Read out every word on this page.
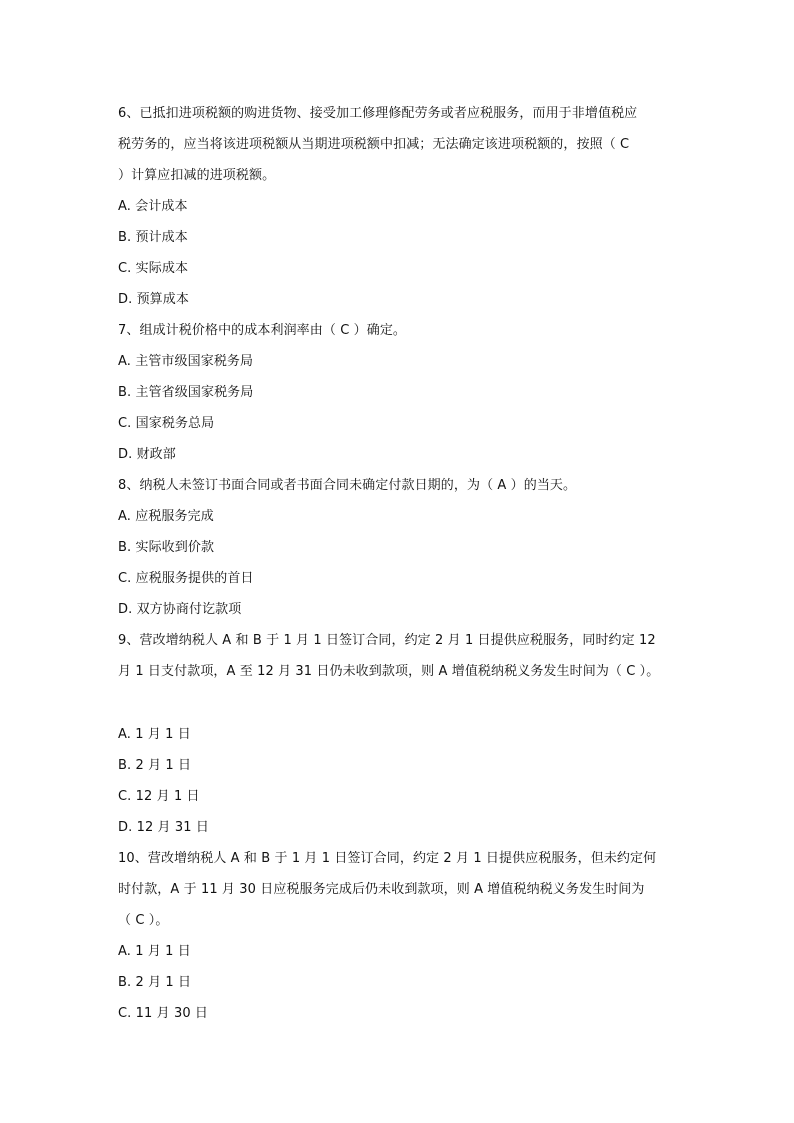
6、已抵扣进项税额的购进货物、接受加工修理修配劳务或者应税服务，而用于非增值税应
税劳务的，应当将该进项税额从当期进项税额中扣减；无法确定该进项税额的，按照（ C
）计算应扣减的进项税额。
A. 会计成本
B. 预计成本
C. 实际成本
D. 预算成本
7、组成计税价格中的成本利润率由（ C ）确定。
A. 主管市级国家税务局
B. 主管省级国家税务局
C. 国家税务总局
D. 财政部
8、纳税人未签订书面合同或者书面合同未确定付款日期的，为（ A ）的当天。
A. 应税服务完成
B. 实际收到价款
C. 应税服务提供的首日
D. 双方协商付讫款项
9、营改增纳税人 A 和 B 于 1 月 1 日签订合同，约定 2 月 1 日提供应税服务，同时约定 12
月 1 日支付款项，A 至 12 月 31 日仍未收到款项，则 A 增值税纳税义务发生时间为（ C ）。
A. 1 月 1 日
B. 2 月 1 日
C. 12 月 1 日
D. 12 月 31 日
10、营改增纳税人 A 和 B 于 1 月 1 日签订合同，约定 2 月 1 日提供应税服务，但未约定何
时付款，A 于 11 月 30 日应税服务完成后仍未收到款项，则 A 增值税纳税义务发生时间为
（ C ）。
A. 1 月 1 日
B. 2 月 1 日
C. 11 月 30 日
